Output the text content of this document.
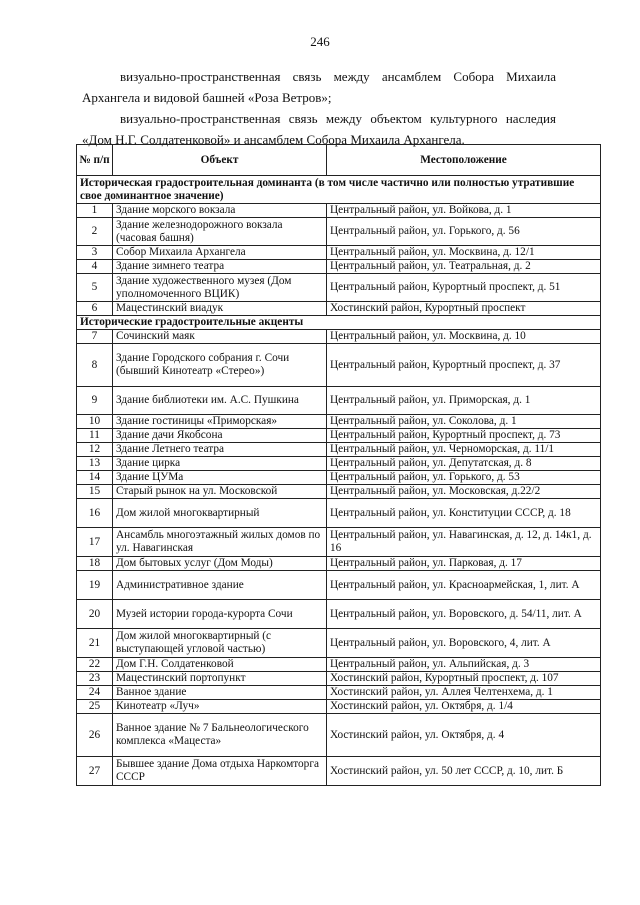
246

визуально-пространственная связь между ансамблем Собора Михаила Архангела и видовой башней «Роза Ветров»;

визуально-пространственная связь между объектом культурного наследия «Дом Н.Г. Солдатенковой» и ансамблем Собора Михаила Архангела.

№ п/п	Объект	Местоположение
Историческая градостроительная доминанта (в том числе частично или полностью утратившие свое доминантное значение)		
1	Здание морского вокзала	Центральный район, ул. Войкова, д. 1
2	Здание железнодорожного вокзала (часовая башня)	Центральный район, ул. Горького, д. 56
3	Собор Михаила Архангела	Центральный район, ул. Москвина, д. 12/1
4	Здание зимнего театра	Центральный район, ул. Театральная, д. 2
5	Здание художественного музея (Дом уполномоченного ВЦИК)	Центральный район, Курортный проспект, д. 51
6	Мацестинский виадук	Хостинский район, Курортный проспект
Исторические градостроительные акценты		
7	Сочинский маяк	Центральный район, ул. Москвина, д. 10
8	Здание Городского собрания г. Сочи (бывший Кинотеатр «Стерео»)	Центральный район, Курортный проспект, д. 37
9	Здание библиотеки им. А.С. Пушкина	Центральный район, ул. Приморская, д. 1
10	Здание гостиницы «Приморская»	Центральный район, ул. Соколова, д. 1
11	Здание дачи Якобсона	Центральный район, Курортный проспект, д. 73
12	Здание Летнего театра	Центральный район, ул. Черноморская, д. 11/1
13	Здание цирка	Центральный район, ул. Депутатская, д. 8
14	Здание ЦУМа	Центральный район, ул. Горького, д. 53
15	Старый рынок на ул. Московской	Центральный район, ул. Московская, д.22/2
16	Дом жилой многоквартирный	Центральный район, ул. Конституции СССР, д. 18
17	Ансамбль многоэтажный жилых домов по ул. Навагинская	Центральный район, ул. Навагинская, д. 12, д. 14к1, д. 16
18	Дом бытовых услуг (Дом Моды)	Центральный район, ул. Парковая, д. 17
19	Административное здание	Центральный район, ул. Красноармейская, 1, лит. А
20	Музей истории города-курорта Сочи	Центральный район, ул. Воровского, д. 54/11, лит. А
21	Дом жилой многоквартирный (с выступающей угловой частью)	Центральный район, ул. Воровского, 4, лит. А
22	Дом Г.Н. Солдатенковой	Центральный район, ул. Альпийская, д. 3
23	Мацестинский портопункт	Хостинский район, Курортный проспект, д. 107
24	Ванное здание	Хостинский район, ул. Аллея Челтенхема, д. 1
25	Кинотеатр «Луч»	Хостинский район, ул. Октября, д. 1/4
26	Ванное здание № 7 Бальнеологического комплекса «Мацеста»	Хостинский район, ул. Октября, д. 4
27	Бывшее здание Дома отдыха Наркомторга СССР	Хостинский район, ул. 50 лет СССР, д. 10, лит. Б
